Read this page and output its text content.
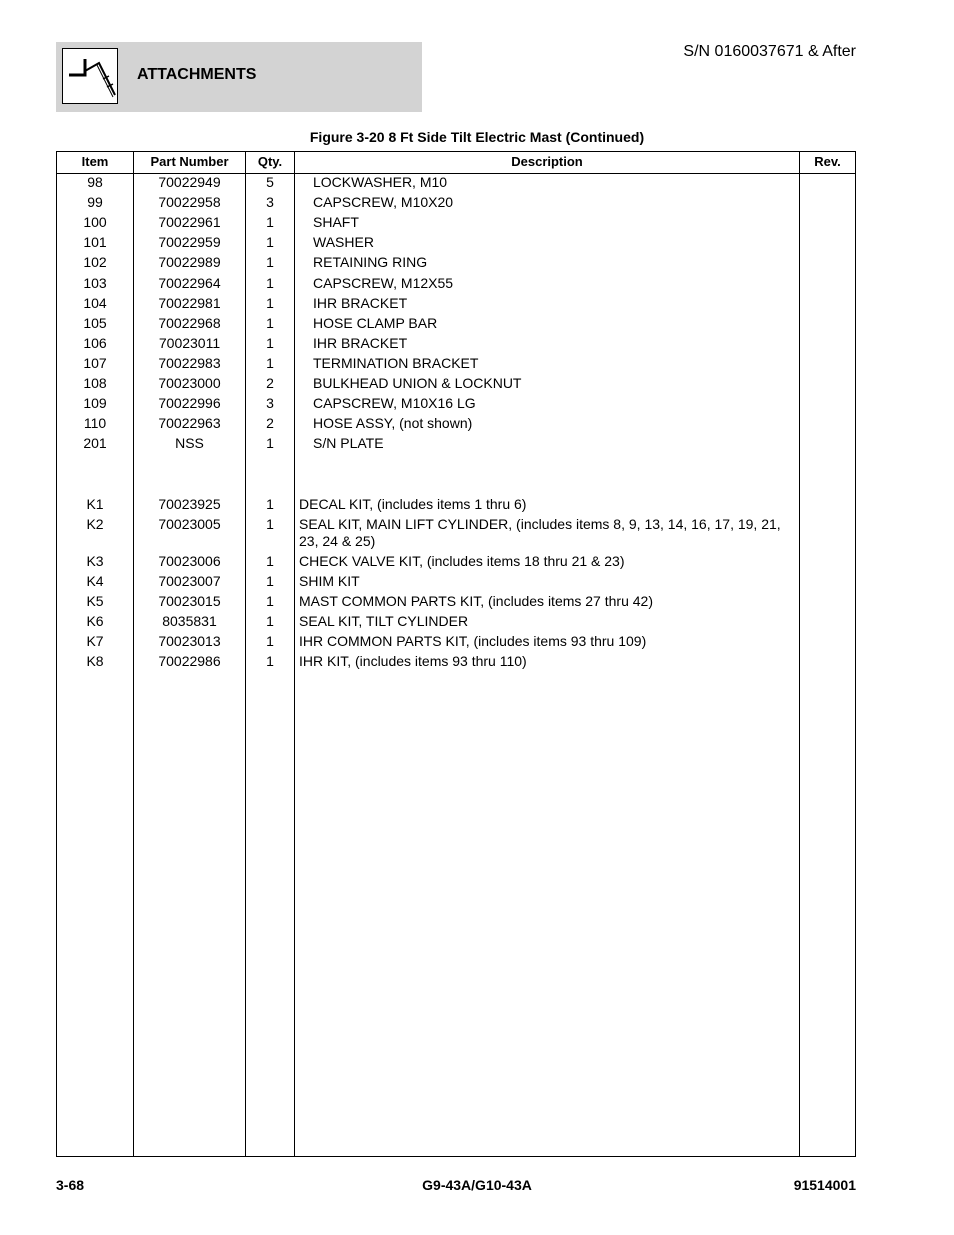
ATTACHMENTS
S/N 0160037671 & After
Figure 3-20 8 Ft Side Tilt Electric Mast (Continued)
Item	Part Number	Qty.	Description	Rev.
98	70022949	5	LOCKWASHER, M10
99	70022958	3	CAPSCREW, M10X20
100	70022961	1	SHAFT
101	70022959	1	WASHER
102	70022989	1	RETAINING RING
103	70022964	1	CAPSCREW, M12X55
104	70022981	1	IHR BRACKET
105	70022968	1	HOSE CLAMP BAR
106	70023011	1	IHR BRACKET
107	70022983	1	TERMINATION BRACKET
108	70023000	2	BULKHEAD UNION & LOCKNUT
109	70022996	3	CAPSCREW, M10X16 LG
110	70022963	2	HOSE ASSY, (not shown)
201	NSS	1	S/N PLATE
K1	70023925	1	DECAL KIT, (includes items 1 thru 6)
K2	70023005	1	SEAL KIT, MAIN LIFT CYLINDER, (includes items 8, 9, 13, 14, 16, 17, 19, 21,
23, 24 & 25)
K3	70023006	1	CHECK VALVE KIT, (includes items 18 thru 21 & 23)
K4	70023007	1	SHIM KIT
K5	70023015	1	MAST COMMON PARTS KIT, (includes items 27 thru 42)
K6	8035831	1	SEAL KIT, TILT CYLINDER
K7	70023013	1	IHR COMMON PARTS KIT, (includes items 93 thru 109)
K8	70022986	1	IHR KIT, (includes items 93 thru 110)
3-68	G9-43A/G10-43A	91514001
